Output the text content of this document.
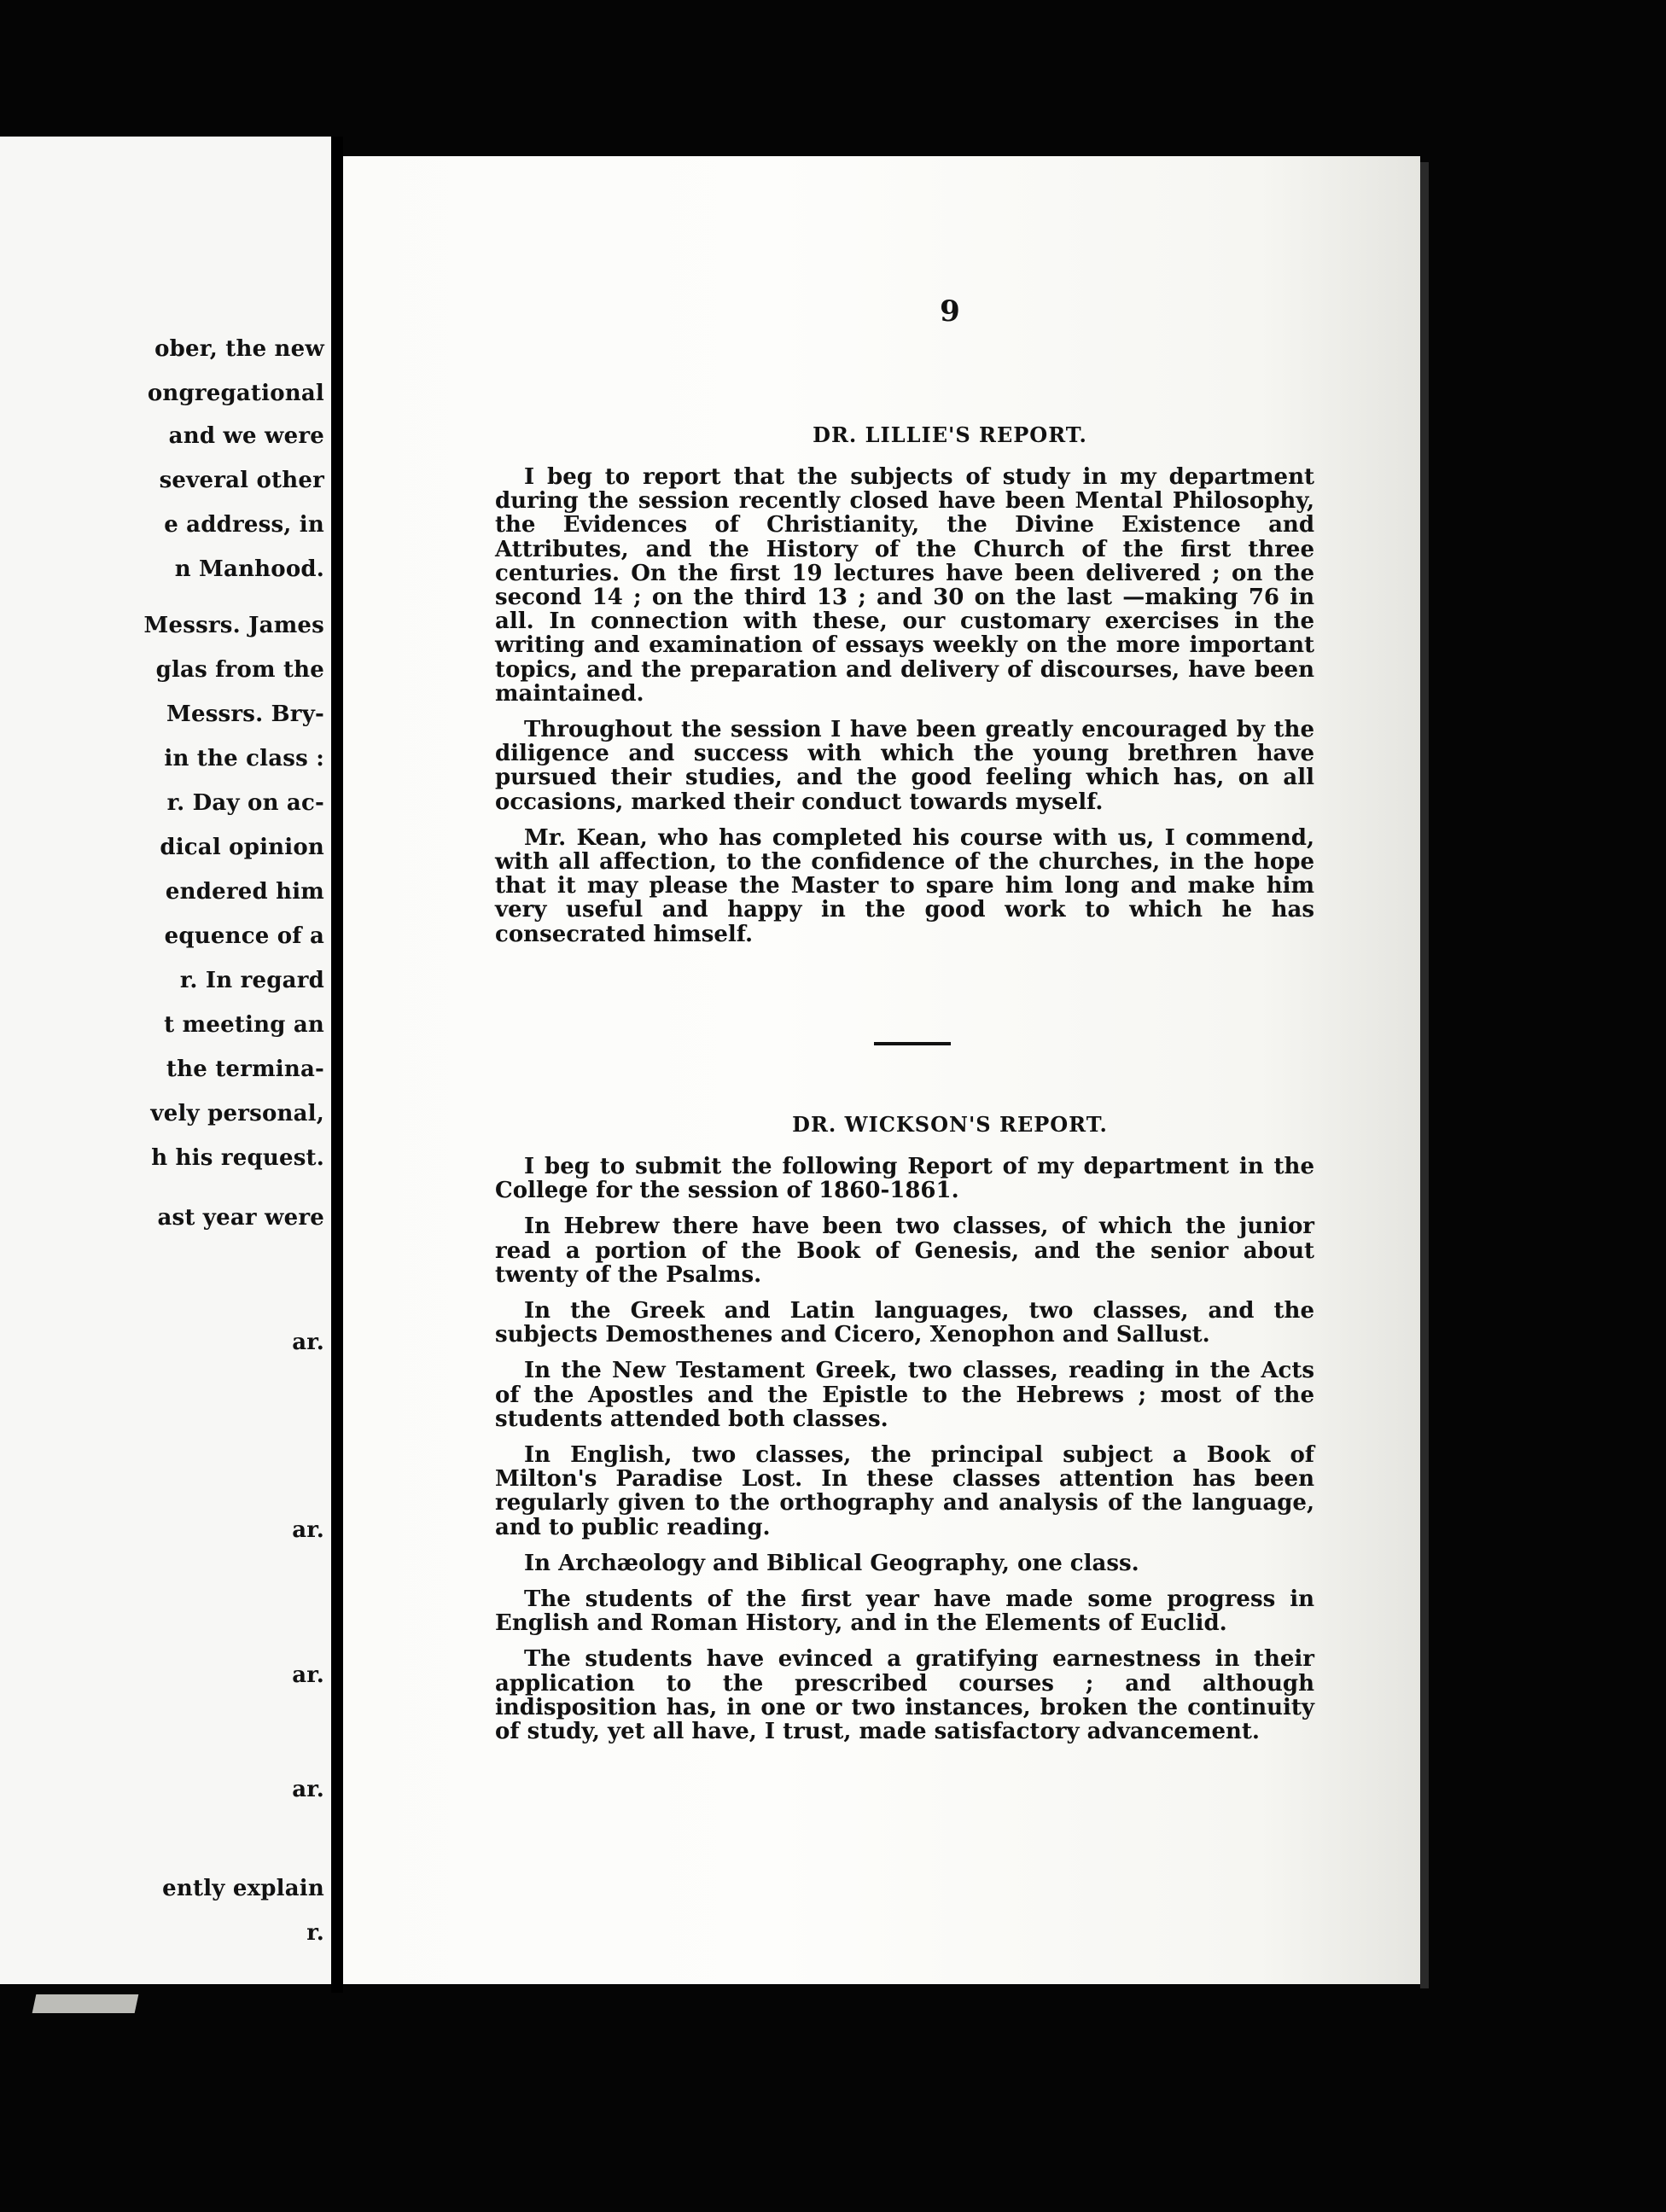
ober, the new
ongregational
and we were
several other
e address, in
n Manhood.
Messrs. James
glas from the
Messrs. Bry-
in the class :
r. Day on ac-
dical opinion
endered him
equence of a
r. In regard
t meeting an
the termina-
vely personal,
h his request.
ast year were
ar.
ar.
ar.
ar.
ently explain
r.
9
DR. LILLIE'S REPORT.

I beg to report that the subjects of study in my department during the session recently closed have been Mental Philosophy, the Evidences of Christianity, the Divine Existence and Attributes, and the History of the Church of the first three centuries. On the first 19 lectures have been delivered ; on the second 14 ; on the third 13 ; and 30 on the last —making 76 in all. In connection with these, our customary exercises in the writing and examination of essays weekly on the more important topics, and the preparation and delivery of discourses, have been maintained.

Throughout the session I have been greatly encouraged by the diligence and success with which the young brethren have pursued their studies, and the good feeling which has, on all occasions, marked their conduct towards myself.

Mr. Kean, who has completed his course with us, I commend, with all affection, to the confidence of the churches, in the hope that it may please the Master to spare him long and make him very useful and happy in the good work to which he has consecrated himself.

DR. WICKSON'S REPORT.

I beg to submit the following Report of my department in the College for the session of 1860-1861.

In Hebrew there have been two classes, of which the junior read a portion of the Book of Genesis, and the senior about twenty of the Psalms.

In the Greek and Latin languages, two classes, and the subjects Demosthenes and Cicero, Xenophon and Sallust.

In the New Testament Greek, two classes, reading in the Acts of the Apostles and the Epistle to the Hebrews ; most of the students attended both classes.

In English, two classes, the principal subject a Book of Milton's Paradise Lost. In these classes attention has been regularly given to the orthography and analysis of the language, and to public reading.

In Archæology and Biblical Geography, one class.

The students of the first year have made some progress in English and Roman History, and in the Elements of Euclid.

The students have evinced a gratifying earnestness in their application to the prescribed courses ; and although indisposition has, in one or two instances, broken the continuity of study, yet all have, I trust, made satisfactory advancement.
